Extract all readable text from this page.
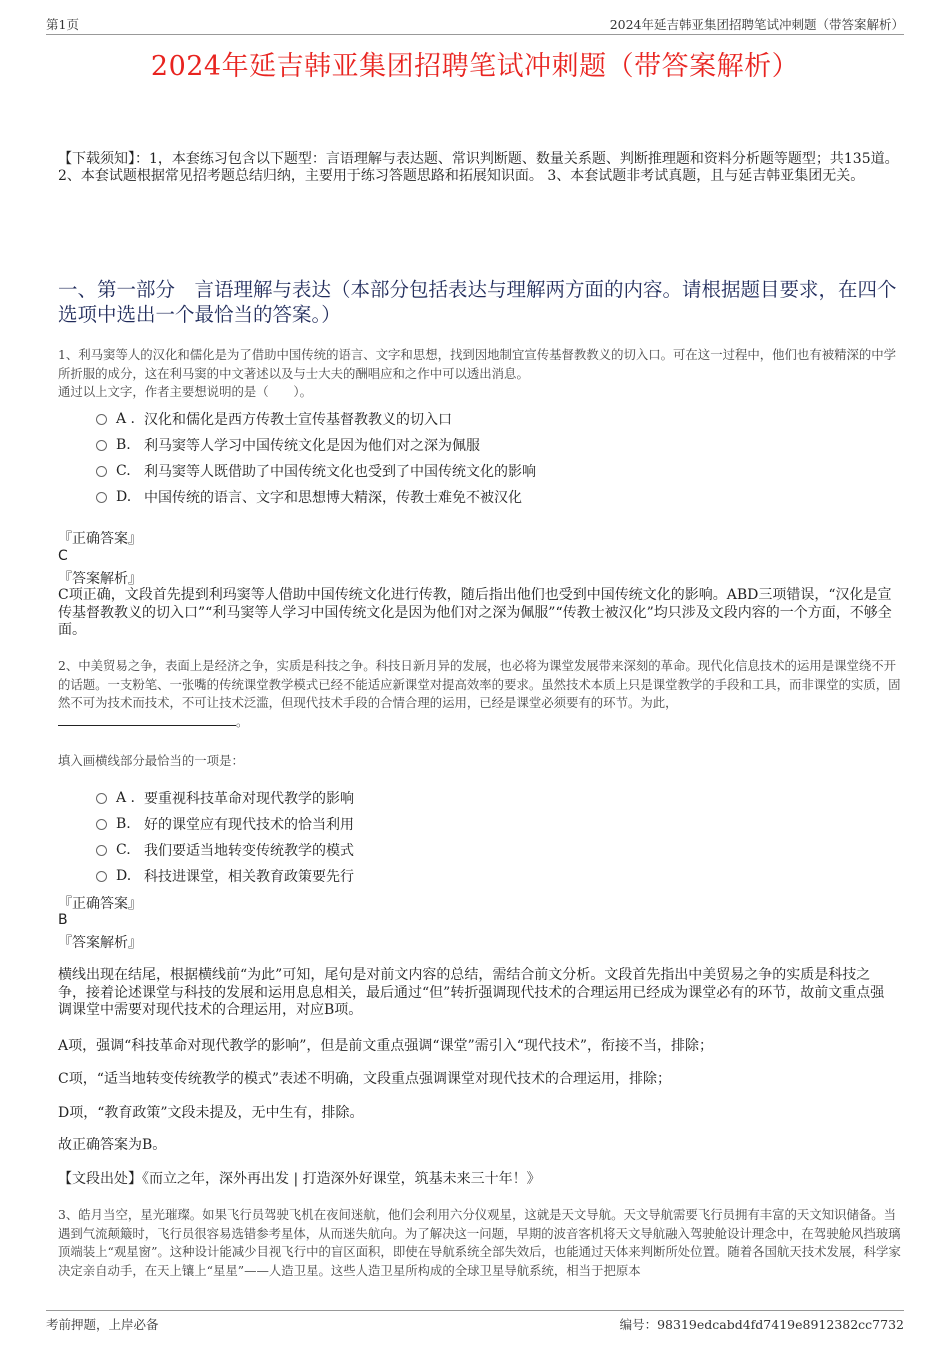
第1页	2024年延吉韩亚集团招聘笔试冲刺题（带答案解析）
2024年延吉韩亚集团招聘笔试冲刺题（带答案解析）
【下载须知】：1，本套练习包含以下题型：言语理解与表达题、常识判断题、数量关系题、判断推理题和资料分析题等题型；共135道。 2、本套试题根据常见招考题总结归纳，主要用于练习答题思路和拓展知识面。 3、本套试题非考试真题，且与延吉韩亚集团无关。
一、第一部分　言语理解与表达（本部分包括表达与理解两方面的内容。请根据题目要求，在四个选项中选出一个最恰当的答案。）
1、利马窦等人的汉化和儒化是为了借助中国传统的语言、文字和思想，找到因地制宜宣传基督教教义的切入口。可在这一过程中，他们也有被精深的中学所折服的成分，这在利马窦的中文著述以及与士大夫的酬唱应和之作中可以透出消息。
通过以上文字，作者主要想说明的是（　　）。
A . 汉化和儒化是西方传教士宣传基督教教义的切入口
B. 利马窦等人学习中国传统文化是因为他们对之深为佩服
C. 利马窦等人既借助了中国传统文化也受到了中国传统文化的影响
D. 中国传统的语言、文字和思想博大精深，传教士难免不被汉化
『正确答案』
C
『答案解析』
C项正确，文段首先提到利玛窦等人借助中国传统文化进行传教，随后指出他们也受到中国传统文化的影响。ABD三项错误，“汉化是宣传基督教教义的切入口”“利马窦等人学习中国传统文化是因为他们对之深为佩服”“传教士被汉化”均只涉及文段内容的一个方面，不够全面。
2、中美贸易之争，表面上是经济之争，实质是科技之争。科技日新月异的发展，也必将为课堂发展带来深刻的革命。现代化信息技术的运用是课堂绕不开的话题。一支粉笔、一张嘴的传统课堂教学模式已经不能适应新课堂对提高效率的要求。虽然技术本质上只是课堂教学的手段和工具，而非课堂的实质，固然不可为技术而技术，不可让技术泛滥，但现代技术手段的合情合理的运用，已经是课堂必须要有的环节。为此，
。
填入画横线部分最恰当的一项是：
A . 要重视科技革命对现代教学的影响
B. 好的课堂应有现代技术的恰当利用
C. 我们要适当地转变传统教学的模式
D. 科技进课堂，相关教育政策要先行
『正确答案』
B
『答案解析』
横线出现在结尾，根据横线前“为此”可知，尾句是对前文内容的总结，需结合前文分析。文段首先指出中美贸易之争的实质是科技之争，接着论述课堂与科技的发展和运用息息相关，最后通过“但”转折强调现代技术的合理运用已经成为课堂必有的环节，故前文重点强调课堂中需要对现代技术的合理运用，对应B项。
A项，强调“科技革命对现代教学的影响”，但是前文重点强调“课堂”需引入“现代技术”，衔接不当，排除；
C项，“适当地转变传统教学的模式”表述不明确，文段重点强调课堂对现代技术的合理运用，排除；
D项，“教育政策”文段未提及，无中生有，排除。
故正确答案为B。
【文段出处】《而立之年，深外再出发 | 打造深外好课堂，筑基未来三十年！》
3、皓月当空，星光璀璨。如果飞行员驾驶飞机在夜间迷航，他们会利用六分仪观星，这就是天文导航。天文导航需要飞行员拥有丰富的天文知识储备。当遇到气流颠簸时，飞行员很容易选错参考星体，从而迷失航向。为了解决这一问题，早期的波音客机将天文导航融入驾驶舱设计理念中，在驾驶舱风挡玻璃顶端装上“观星窗”。这种设计能减少目视飞行中的盲区面积，即使在导航系统全部失效后，也能通过天体来判断所处位置。随着各国航天技术发展，科学家决定亲自动手，在天上镶上“星星”——人造卫星。这些人造卫星所构成的全球卫星导航系统，相当于把原本
考前押题，上岸必备	编号：98319edcabd4fd7419e8912382cc7732
